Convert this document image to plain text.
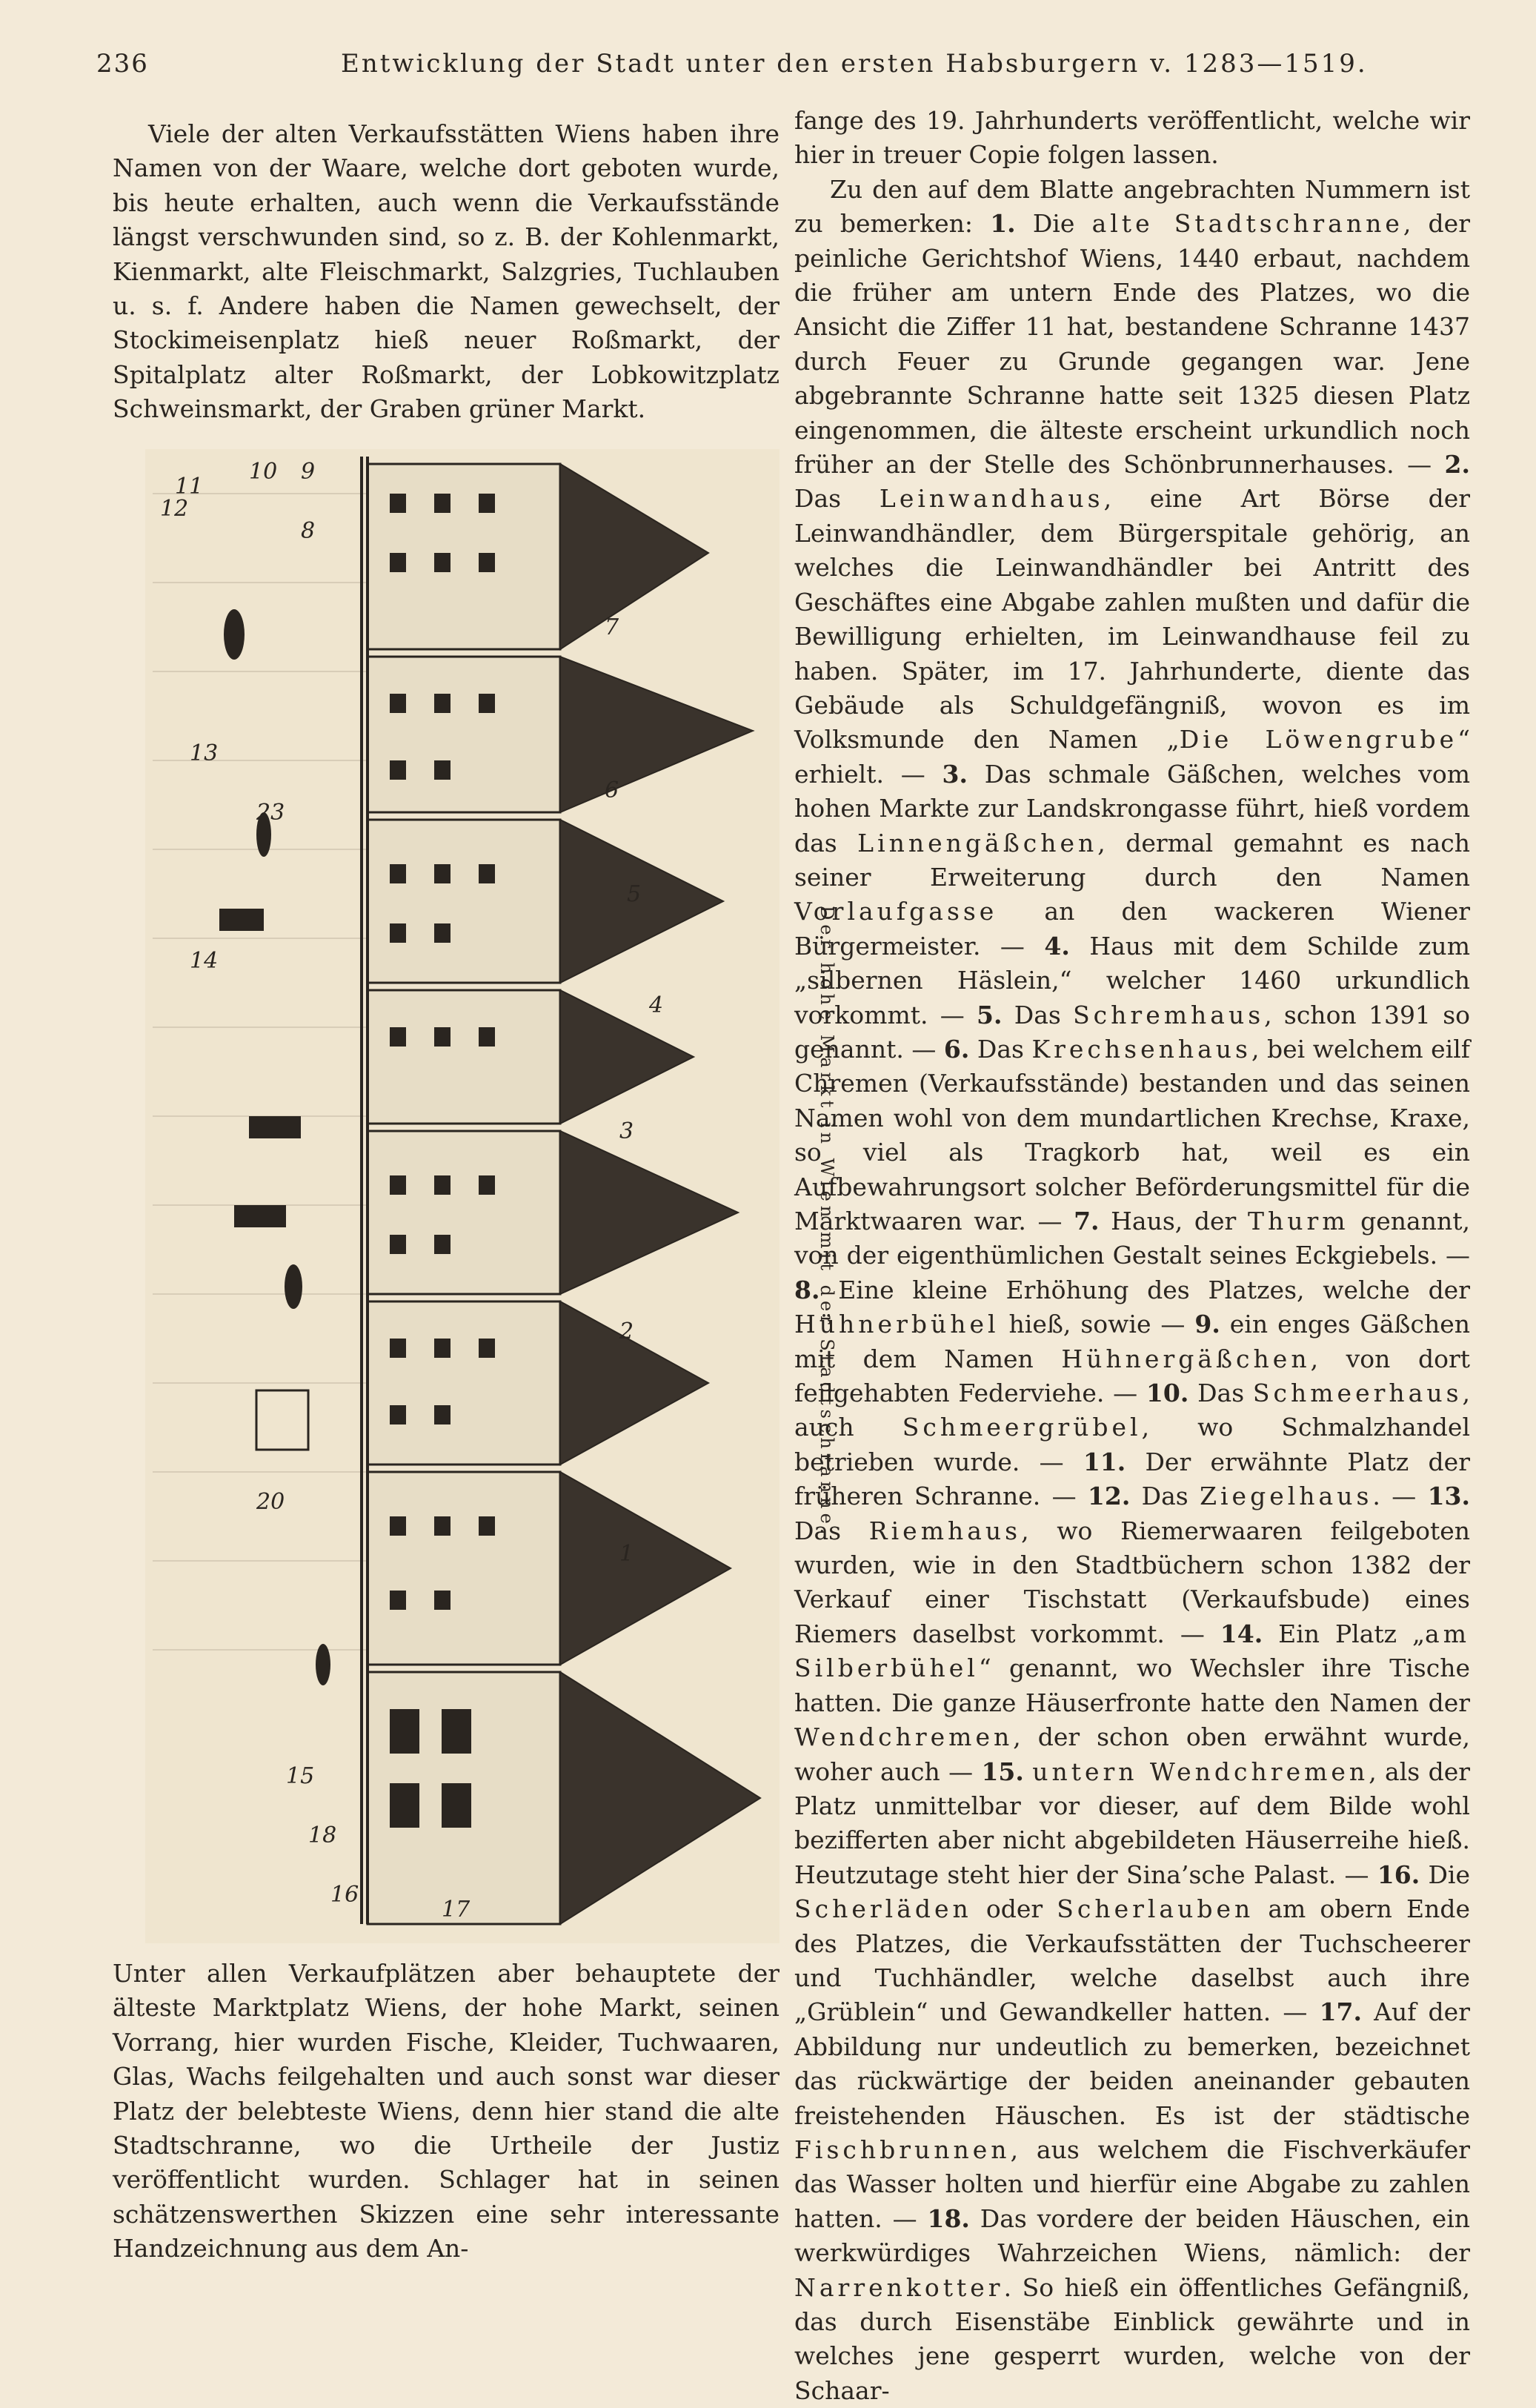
236	Entwicklung der Stadt unter den ersten Habsburgern v. 1283—1519.

Viele der alten Verkaufsstätten Wiens haben ihre Namen von der Waare, welche dort geboten wurde, bis heute erhalten, auch wenn die Verkaufsstände längst verschwunden sind, so z. B. der Kohlenmarkt, Kienmarkt, alte Fleischmarkt, Salzgries, Tuchlauben u. s. f. Andere haben die Namen gewechselt, der Stockimeisenplatz hieß neuer Roßmarkt, der Spitalplatz alter Roßmarkt, der Lobkowitzplatz Schweinsmarkt, der Graben grüner Markt.

7
6
5
4
3
2
1
11
12
10 9
8
13
23
14
20
15
18
16
17
Der hohe Markt in Wien mit der Stadtschranne.

Unter allen Verkaufplätzen aber behauptete der älteste Marktplatz Wiens, der hohe Markt, seinen Vorrang, hier wurden Fische, Kleider, Tuchwaaren, Glas, Wachs feilgehalten und auch sonst war dieser Platz der belebteste Wiens, denn hier stand die alte Stadtschranne, wo die Urtheile der Justiz veröffentlicht wurden. Schlager hat in seinen schätzenswerthen Skizzen eine sehr interessante Handzeichnung aus dem An-

fange des 19. Jahrhunderts veröffentlicht, welche wir hier in treuer Copie folgen lassen.

Zu den auf dem Blatte angebrachten Nummern ist zu bemerken: 1. Die alte Stadtschranne, der peinliche Gerichtshof Wiens, 1440 erbaut, nachdem die früher am untern Ende des Platzes, wo die Ansicht die Ziffer 11 hat, bestandene Schranne 1437 durch Feuer zu Grunde gegangen war. Jene abgebrannte Schranne hatte seit 1325 diesen Platz eingenommen, die älteste erscheint urkundlich noch früher an der Stelle des Schönbrunnerhauses. — 2. Das Leinwandhaus, eine Art Börse der Leinwandhändler, dem Bürgerspitale gehörig, an welches die Leinwandhändler bei Antritt des Geschäftes eine Abgabe zahlen mußten und dafür die Bewilligung erhielten, im Leinwandhause feil zu haben. Später, im 17. Jahrhunderte, diente das Gebäude als Schuldgefängniß, wovon es im Volksmunde den Namen „Die Löwengrube“ erhielt. — 3. Das schmale Gäßchen, welches vom hohen Markte zur Landskrongasse führt, hieß vordem das Linnengäßchen, dermal gemahnt es nach seiner Erweiterung durch den Namen Vorlaufgasse an den wackeren Wiener Bürgermeister. — 4. Haus mit dem Schilde zum „silbernen Häslein,“ welcher 1460 urkundlich vorkommt. — 5. Das Schremhaus, schon 1391 so genannt. — 6. Das Krechsenhaus, bei welchem eilf Chremen (Verkaufsstände) bestanden und das seinen Namen wohl von dem mundartlichen Krechse, Kraxe, so viel als Tragkorb hat, weil es ein Aufbewahrungsort solcher Beförderungsmittel für die Marktwaaren war. — 7. Haus, der Thurm genannt, von der eigenthümlichen Gestalt seines Eckgiebels. — 8. Eine kleine Erhöhung des Platzes, welche der Hühnerbühel hieß, sowie — 9. ein enges Gäßchen mit dem Namen Hühnergäßchen, von dort feilgehabten Federviehe. — 10. Das Schmeerhaus, auch Schmeergrübel, wo Schmalzhandel betrieben wurde. — 11. Der erwähnte Platz der früheren Schranne. — 12. Das Ziegelhaus. — 13. Das Riemhaus, wo Riemerwaaren feilgeboten wurden, wie in den Stadtbüchern schon 1382 der Verkauf einer Tischstatt (Verkaufsbude) eines Riemers daselbst vorkommt. — 14. Ein Platz „am Silberbühel“ genannt, wo Wechsler ihre Tische hatten. Die ganze Häuserfronte hatte den Namen der Wendchremen, der schon oben erwähnt wurde, woher auch — 15. untern Wendchremen, als der Platz unmittelbar vor dieser, auf dem Bilde wohl bezifferten aber nicht abgebildeten Häuserreihe hieß. Heutzutage steht hier der Sina’sche Palast. — 16. Die Scherläden oder Scherlauben am obern Ende des Platzes, die Verkaufsstätten der Tuchscheerer und Tuchhändler, welche daselbst auch ihre „Grüblein“ und Gewandkeller hatten. — 17. Auf der Abbildung nur undeutlich zu bemerken, bezeichnet das rückwärtige der beiden aneinander gebauten freistehenden Häuschen. Es ist der städtische Fischbrunnen, aus welchem die Fischverkäufer das Wasser holten und hierfür eine Abgabe zu zahlen hatten. — 18. Das vordere der beiden Häuschen, ein werkwürdiges Wahrzeichen Wiens, nämlich: der Narrenkotter. So hieß ein öffentliches Gefängniß, das durch Eisenstäbe Einblick gewährte und in welches jene gesperrt wurden, welche von der Schaar-
